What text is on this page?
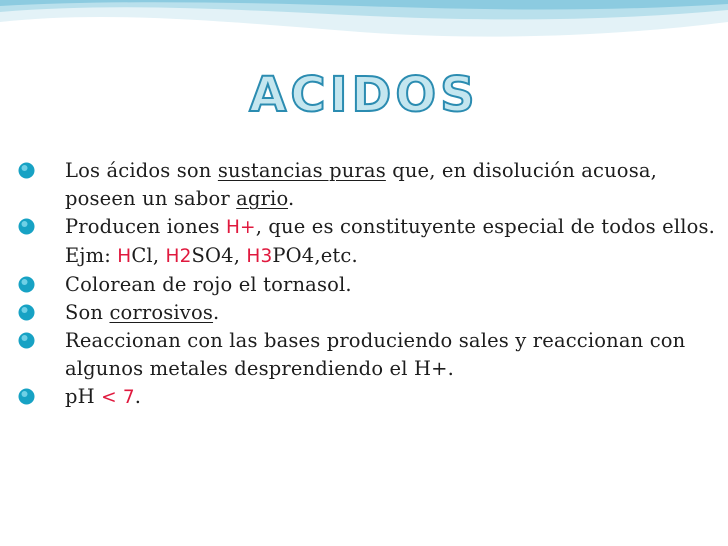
ACIDOS
Los ácidos son sustancias puras que, en disolución acuosa, poseen un sabor agrio.
Producen iones H+, que es constituyente especial de todos ellos. Ejm: HCl, H2SO4, H3PO4,etc.
Colorean de rojo el tornasol.
Son corrosivos.
Reaccionan con las bases produciendo sales y reaccionan con algunos metales desprendiendo el H+.
pH < 7.
